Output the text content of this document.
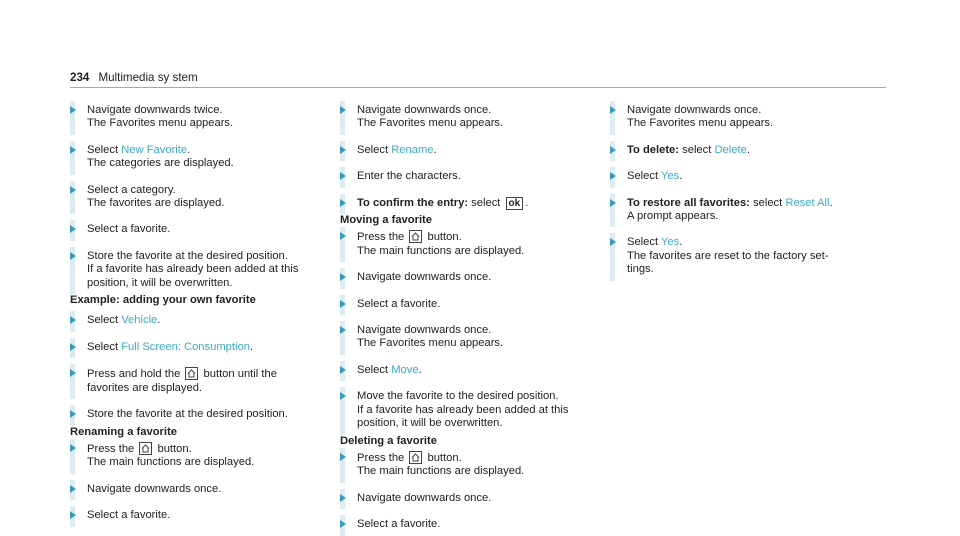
234 Multimedia sy stem
Navigate downwards twice.
The Favorites menu appears.
Select New Favorite.
The categories are displayed.
Select a category.
The favorites are displayed.
Select a favorite.
Store the favorite at the desired position.
If a favorite has already been added at this
position, it will be overwritten.
Example: adding your own favorite
Select Vehicle.
Select Full Screen: Consumption.
Press and hold the
button until the
favorites are displayed.
Store the favorite at the desired position.
Renaming a favorite
Press the
button.
The main functions are displayed.
Navigate downwards once.
Select a favorite.
Navigate downwards once.
The Favorites menu appears.
Select Rename.
Enter the characters.
To confirm the entry: select ok .
Moving a favorite
Press the
button.
The main functions are displayed.
Navigate downwards once.
Select a favorite.
Navigate downwards once.
The Favorites menu appears.
Select Move.
Move the favorite to the desired position.
If a favorite has already been added at this
position, it will be overwritten.
Deleting a favorite
Press the
button.
The main functions are displayed.
Navigate downwards once.
Select a favorite.
Navigate downwards once.
The Favorites menu appears.
To delete: select Delete.
Select Yes.
To restore all favorites: select Reset All.
A prompt appears.
Select Yes.
The favorites are reset to the factory set-
tings.
